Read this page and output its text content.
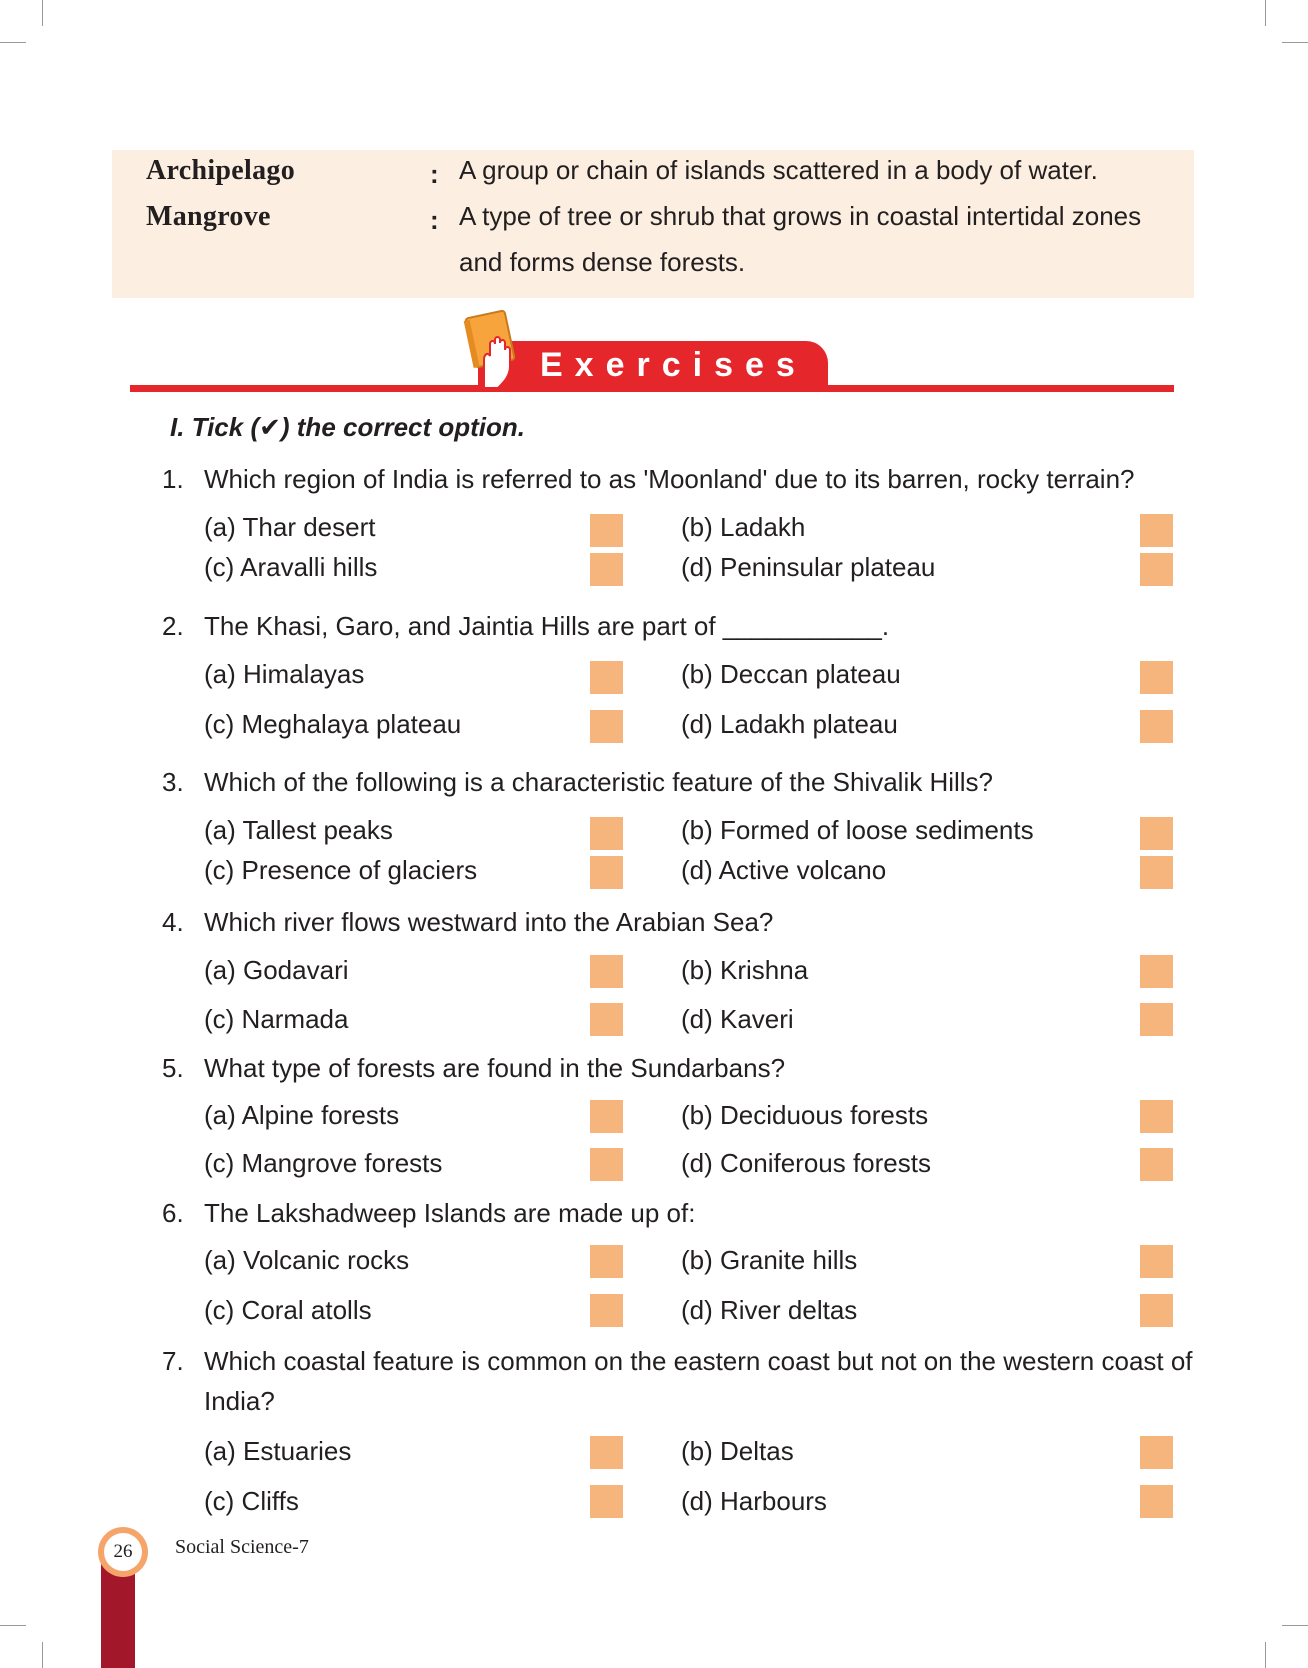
Archipelago	: A group or chain of islands scattered in a body of water.
Mangrove	: A type of tree or shrub that grows in coastal intertidal zones and forms dense forests.
Exercises
I. Tick (✔) the correct option.
1. Which region of India is referred to as 'Moonland' due to its barren, rocky terrain?
(a) Thar desert	(b) Ladakh
(c) Aravalli hills	(d) Peninsular plateau
2. The Khasi, Garo, and Jaintia Hills are part of ___________.
(a) Himalayas	(b) Deccan plateau
(c) Meghalaya plateau	(d) Ladakh plateau
3. Which of the following is a characteristic feature of the Shivalik Hills?
(a) Tallest peaks	(b) Formed of loose sediments
(c) Presence of glaciers	(d) Active volcano
4. Which river flows westward into the Arabian Sea?
(a) Godavari	(b) Krishna
(c) Narmada	(d) Kaveri
5. What type of forests are found in the Sundarbans?
(a) Alpine forests	(b) Deciduous forests
(c) Mangrove forests	(d) Coniferous forests
6. The Lakshadweep Islands are made up of:
(a) Volcanic rocks	(b) Granite hills
(c) Coral atolls	(d) River deltas
7. Which coastal feature is common on the eastern coast but not on the western coast of India?
(a) Estuaries	(b) Deltas
(c) Cliffs	(d) Harbours
26	Social Science-7
